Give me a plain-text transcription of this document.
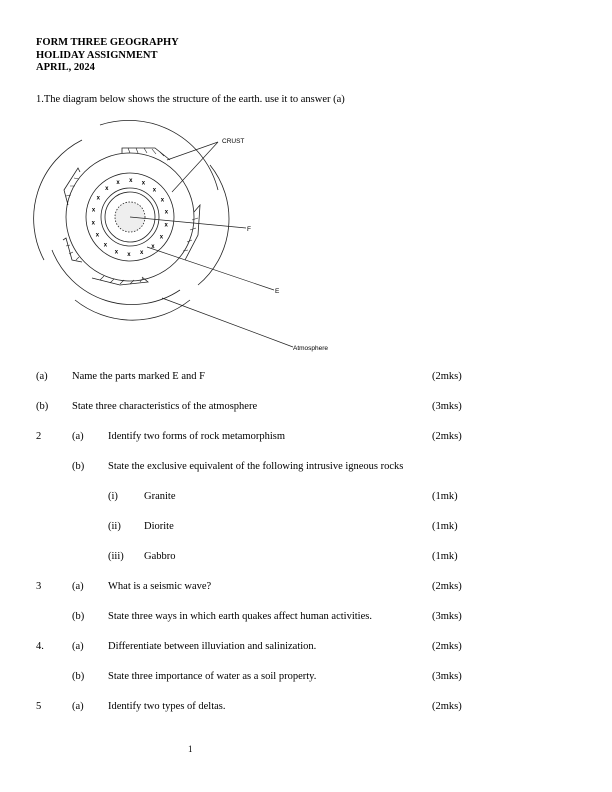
FORM THREE GEOGRAPHY
HOLIDAY ASSIGNMENT
APRIL, 2024
1.The diagram below shows the structure of the earth. use it to answer (a)
x
x
x
x
x
x
x
x
x
x
x
x
x x x
x
x
x
CRUST
F
E
Atmosphere
(a) Name the parts marked E and F	(2mks)
(b) State three characteristics of the atmosphere	(3mks)
2	(a) Identify two forms of rock metamorphism	(2mks)
(b) State the exclusive equivalent of the following intrusive igneous rocks
(i) Granite	(1mk)
(ii) Diorite	(1mk)
(iii) Gabbro	(1mk)
3	(a) What is a seismic wave?	(2mks)
(b) State three ways in which earth quakes affect human activities.	(3mks)
4.	(a) Differentiate between illuviation and salinization.	(2mks)
(b) State three importance of water as a soil property.	(3mks)
5	(a) Identify two types of deltas.	(2mks)
1
